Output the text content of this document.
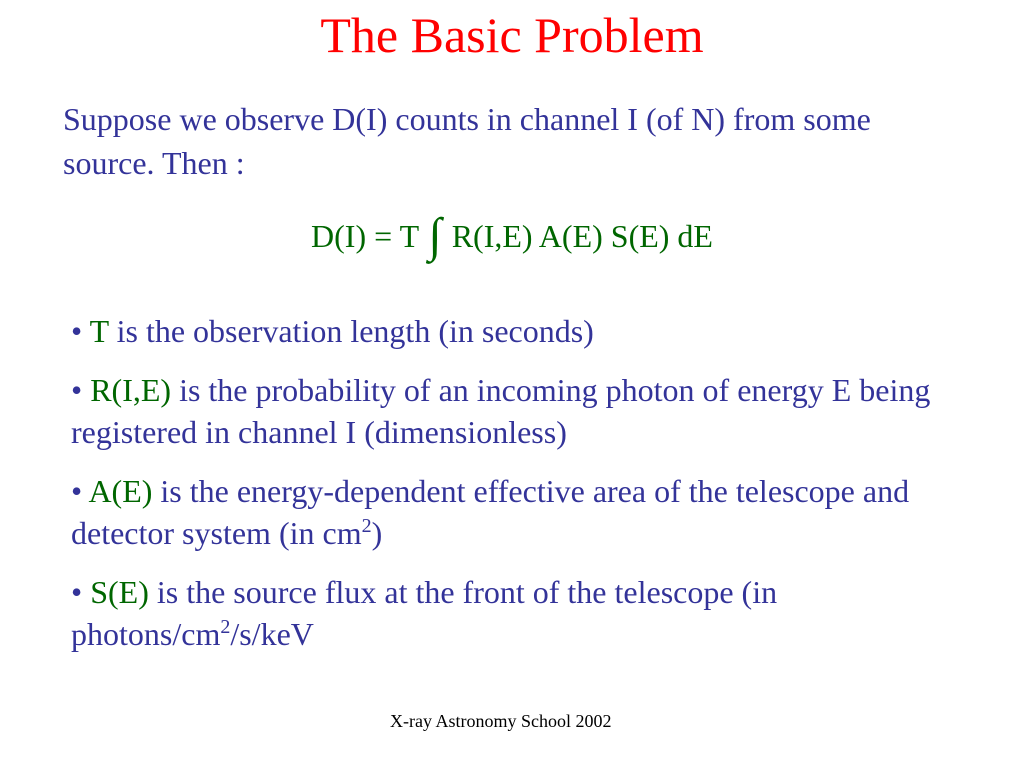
The Basic Problem

Suppose we observe D(I) counts in channel I (of N) from some source. Then :

D(I) = T ∫ R(I,E) A(E) S(E) dE
• T is the observation length (in seconds)
• R(I,E) is the probability of an incoming photon of energy E being registered in channel I (dimensionless)
• A(E) is the energy-dependent effective area of the telescope and detector system (in $cm^2$)
• S(E) is the source flux at the front of the telescope (in photons/$cm^2/s$/keV
X-ray Astronomy School 2002
